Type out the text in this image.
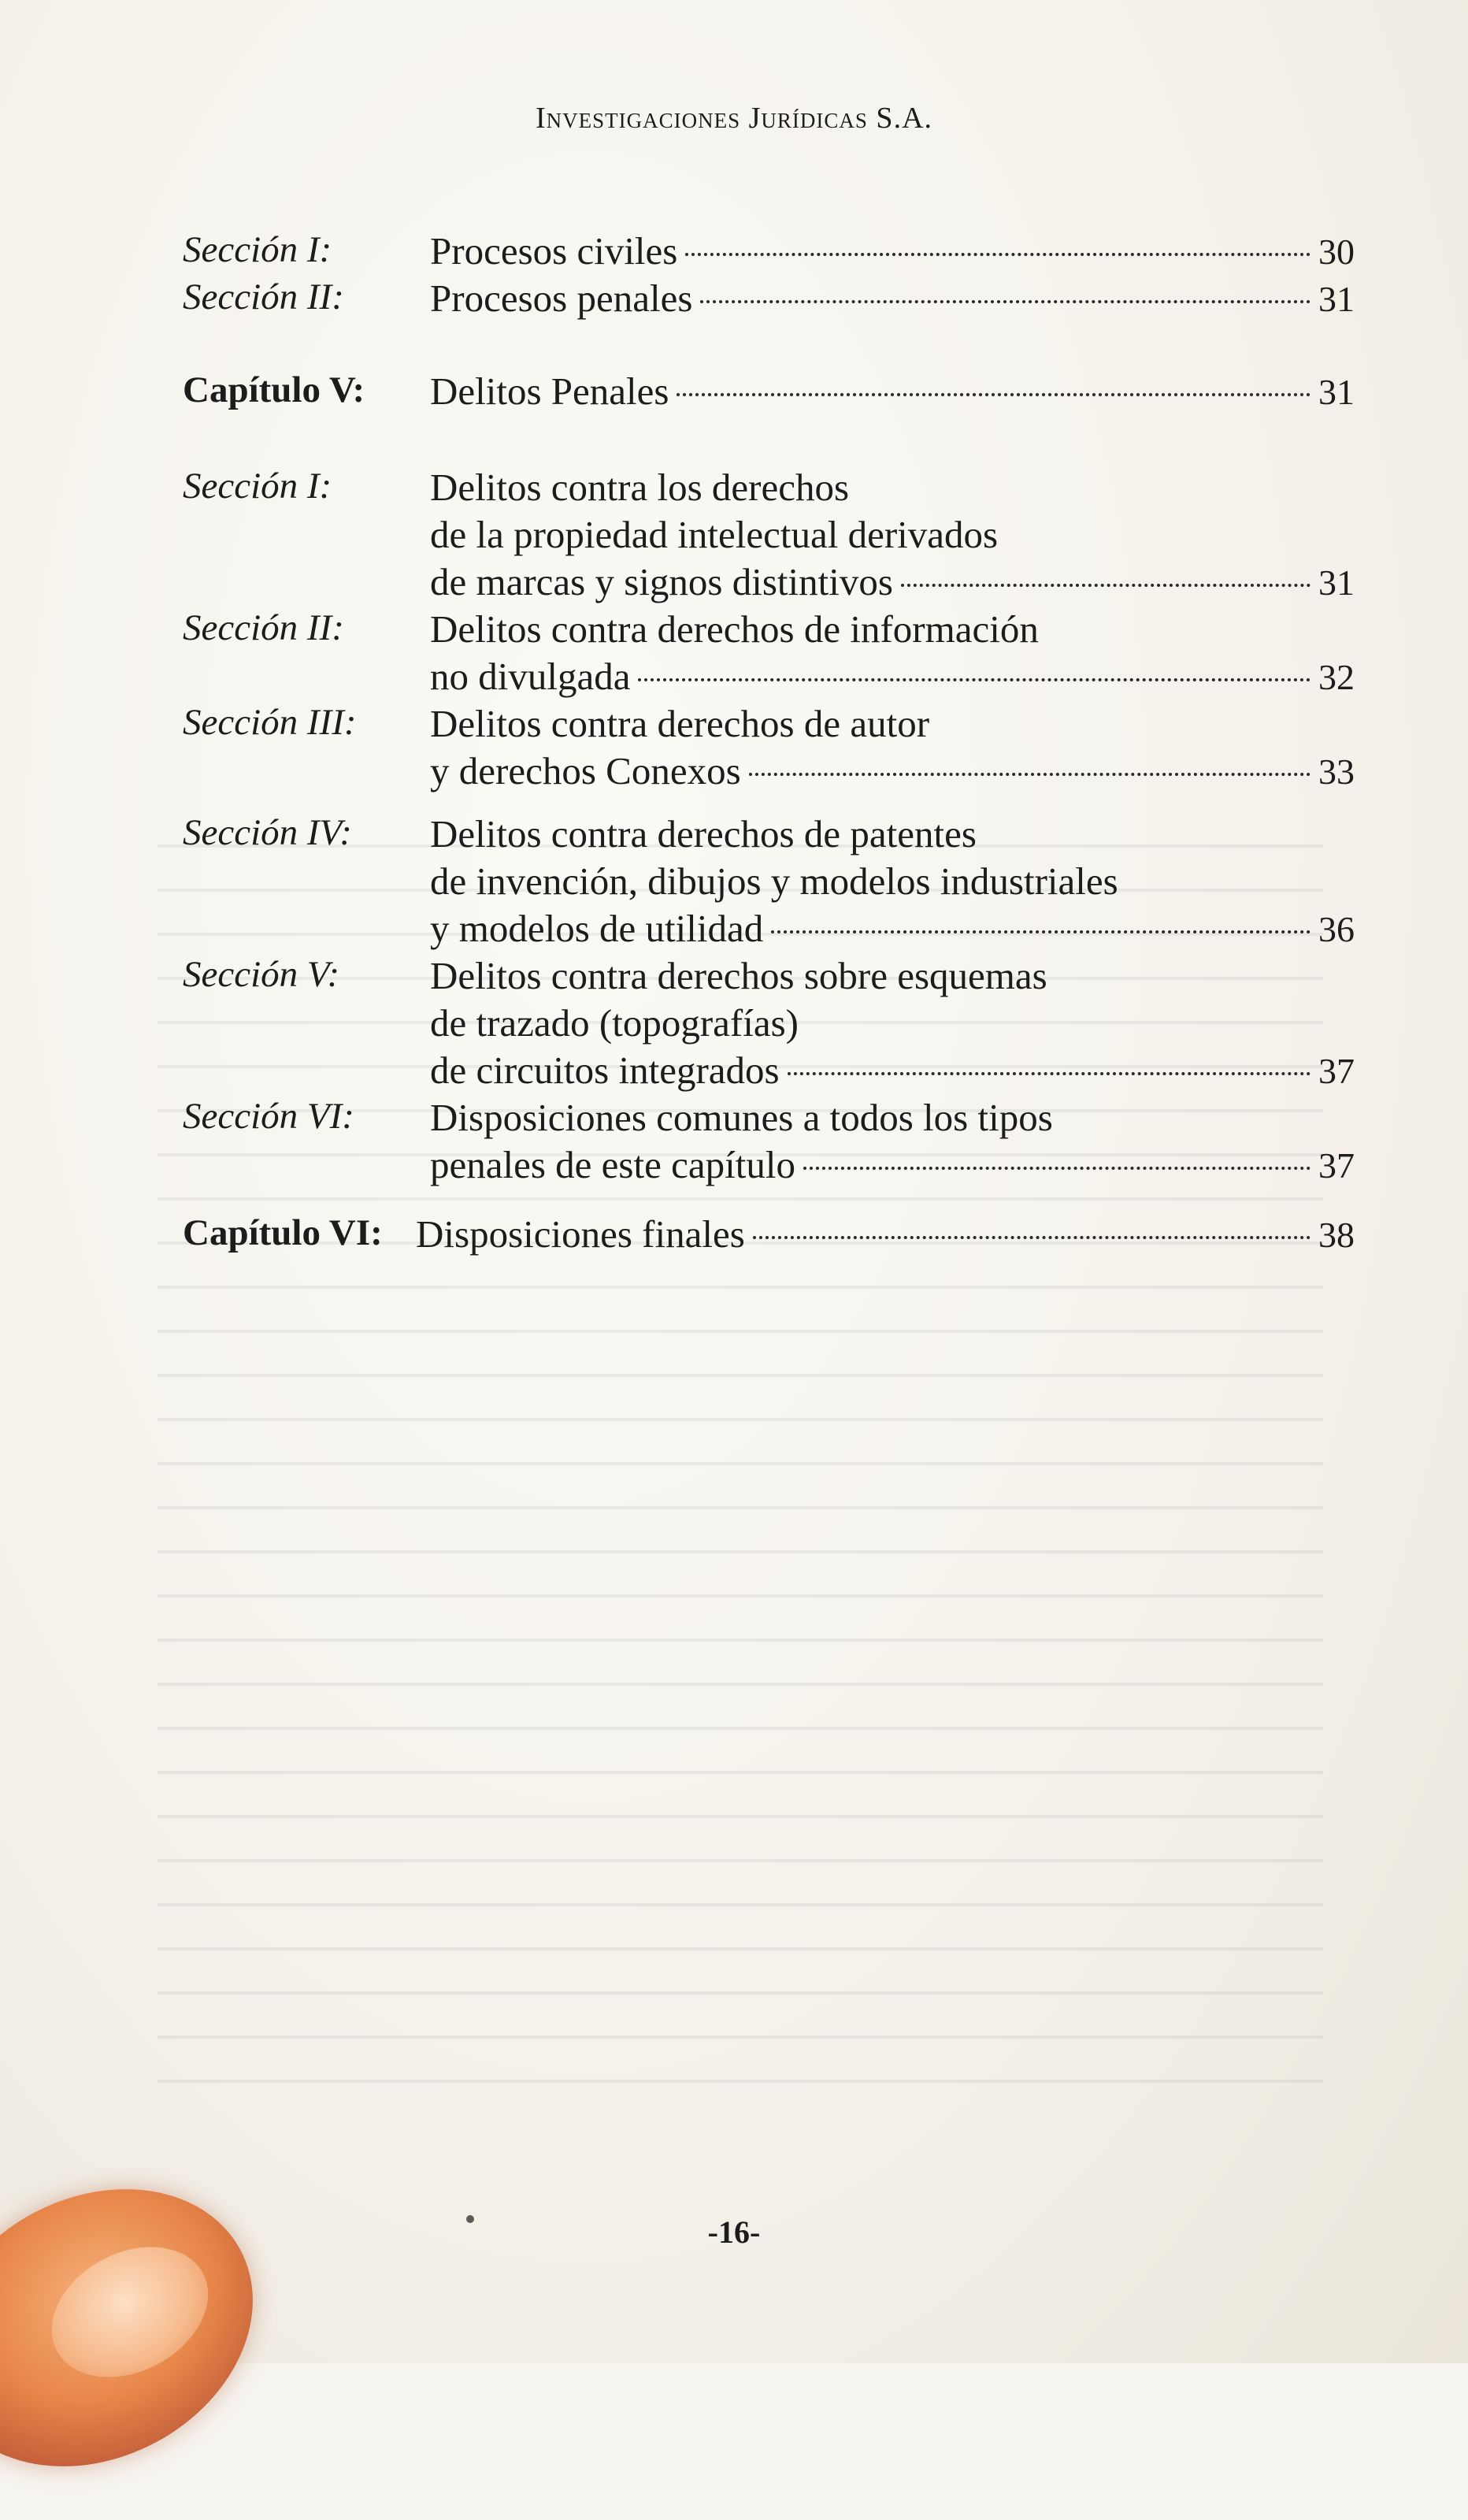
Investigaciones Jurídicas S.A.
Sección I:	Procesos civiles	30
Sección II: Procesos penales	31
Capítulo V: Delitos Penales	31
Sección I:	Delitos contra los derechos
de la propiedad intelectual derivados
de marcas y signos distintivos	31
Sección II: Delitos contra derechos de información
no divulgada	32
Sección III: Delitos contra derechos de autor
y derechos Conexos	33
Sección IV: Delitos contra derechos de patentes
de invención, dibujos y modelos industriales
y modelos de utilidad	36
Sección V: Delitos contra derechos sobre esquemas
de trazado (topografías)
de circuitos integrados	37
Sección VI: Disposiciones comunes a todos los tipos
penales de este capítulo	37
Capítulo VI: Disposiciones finales	38
-16-
